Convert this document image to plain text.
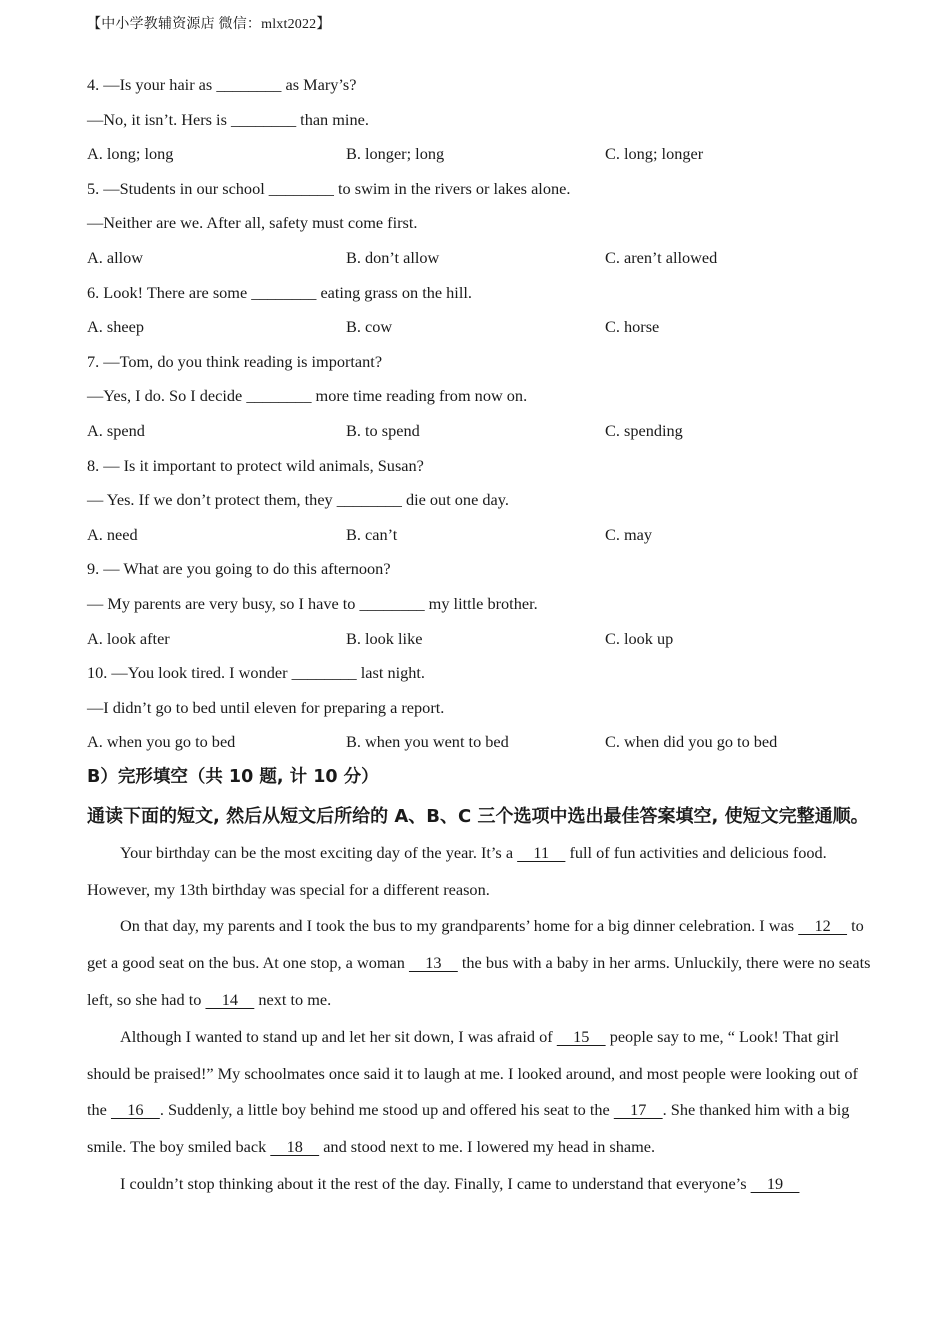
【中小学教辅资源店 微信：mlxt2022】
4. —Is your hair as ________ as Mary’s?
—No, it isn’t. Hers is ________ than mine.
A. long; long	B. longer; long	C. long; longer
5. —Students in our school ________ to swim in the rivers or lakes alone.
—Neither are we. After all, safety must come first.
A. allow	B. don’t allow	C. aren’t allowed
6. Look! There are some ________ eating grass on the hill.
A. sheep	B. cow	C. horse
7. —Tom, do you think reading is important?
—Yes, I do. So I decide ________ more time reading from now on.
A. spend	B. to spend	C. spending
8. — Is it important to protect wild animals, Susan?
— Yes. If we don’t protect them, they ________ die out one day.
A. need	B. can’t	C. may
9. — What are you going to do this afternoon?
— My parents are very busy, so I have to ________ my little brother.
A. look after	B. look like	C. look up
10. —You look tired. I wonder ________ last night.
—I didn’t go to bed until eleven for preparing a report.
A. when you go to bed	B. when you went to bed	C. when did you go to bed
B）完形填空（共 10 题, 计 10 分）
通读下面的短文, 然后从短文后所给的 A、B、C 三个选项中选出最佳答案填空, 使短文完整通顺。

Your birthday can be the most exciting day of the year. It’s a     11     full of fun activities and delicious food. However, my 13th birthday was special for a different reason.

On that day, my parents and I took the bus to my grandparents’ home for a big dinner celebration. I was     12     to get a good seat on the bus. At one stop, a woman     13     the bus with a baby in her arms. Unluckily, there were no seats left, so she had to     14     next to me.

Although I wanted to stand up and let her sit down, I was afraid of     15     people say to me, “ Look! That girl should be praised!” My schoolmates once said it to laugh at me. I looked around, and most people were looking out of the     16    . Suddenly, a little boy behind me stood up and offered his seat to the     17    . She thanked him with a big smile. The boy smiled back     18     and stood next to me. I lowered my head in shame.

I couldn’t stop thinking about it the rest of the day. Finally, I came to understand that everyone’s     19
